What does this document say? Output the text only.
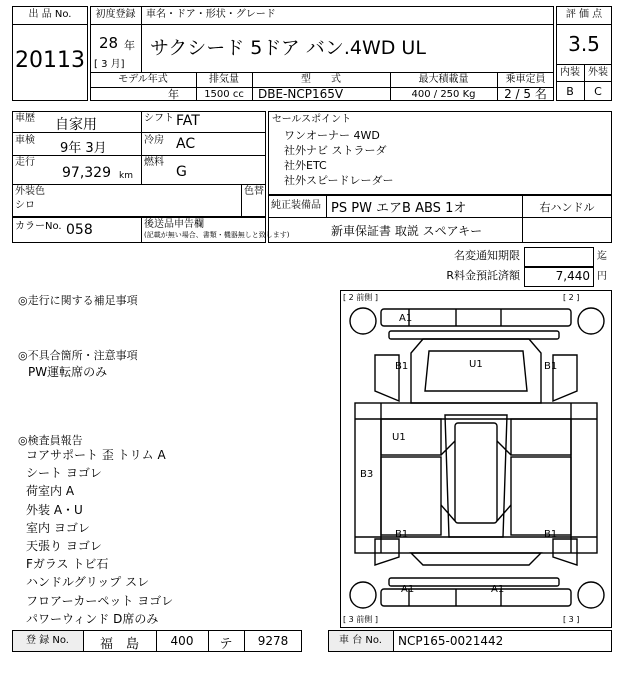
出 品 No.
20113
初度登録
28 年
[ 3 月]
車名・ドア・形状・グレード
サクシード 5ドア バン.4WD UL
評 価 点
3.5
内装 外装
B	C
モデル年式
年
排気量
1500 cc
型　　式
DBE-NCP165V
最大積載量
400 / 250 Kg
乗車定員
2 / 5 名
車歴 自家用	シフト FAT
車検
9年 3月
冷房 AC
走行
97,329 km
燃料
G
外装色
シロ
色替
カラーNo. 058	後送品申告欄
(記載が無い場合、書類・機器無しと致します)
セールスポイント
ワンオーナー 4WD
社外ナビ ストラーダ
社外ETC
社外スピードレーダー
純正装備品 PS PW エアB ABS 1オ	右ハンドル
新車保証書 取説 スペアキー
名変通知期限	迄
R料金預託済額	7,440 円
◎走行に関する補足事項
◎不具合箇所・注意事項
PW運転席のみ
◎検査員報告
コアサポート 歪 トリム A
シート ヨゴレ
荷室内 A
外装 A・U
室内 ヨゴレ
天張り ヨゴレ
Fガラス トビ石
ハンドルグリップ スレ
フロアーカーペット ヨゴレ
パワーウィンド D席のみ
[ 2 前側 ]	[ 2 ]
[ 3 前側 ]	[ 3 ]
A1
U1
B1	B1
U1
B3
B1	B1
A1	A1
登 録 No.	福　島	400	テ	9278	車 台 No.	NCP165-0021442
